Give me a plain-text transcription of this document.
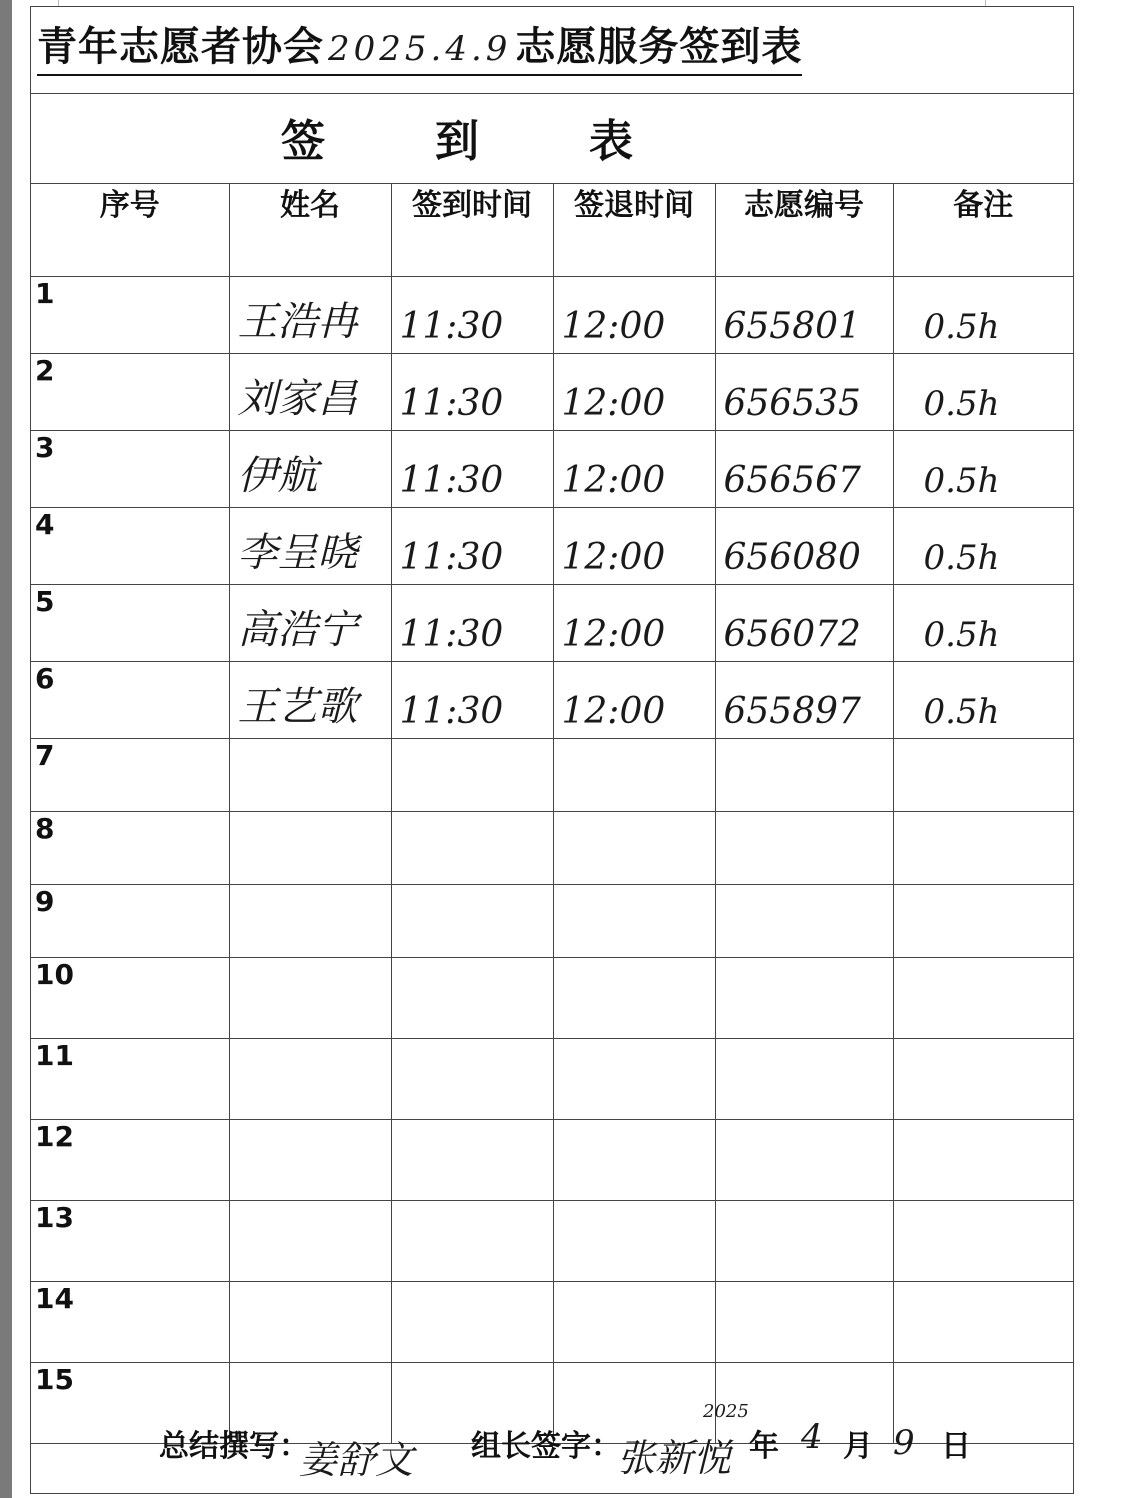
青年志愿者协会 2025.4.9 志愿服务签到表
签到表
序号	姓名	签到时间	签退时间	志愿编号	备注

1	王浩冉	11:30	12:00	655801	0.5h

2	刘家昌	11:30	12:00	656535	0.5h

3	伊航	11:30	12:00	656567	0.5h

4	李呈晓	11:30	12:00	656080	0.5h

5	高浩宁	11:30	12:00	656072	0.5h

6	王艺歌	11:30	12:00	655897	0.5h

7					

8					

9					

10					

11					

12					

13					

14					

15					

总结撰写：
姜舒文 组长签字：
张新悦
2025
年 4 月 9 日
